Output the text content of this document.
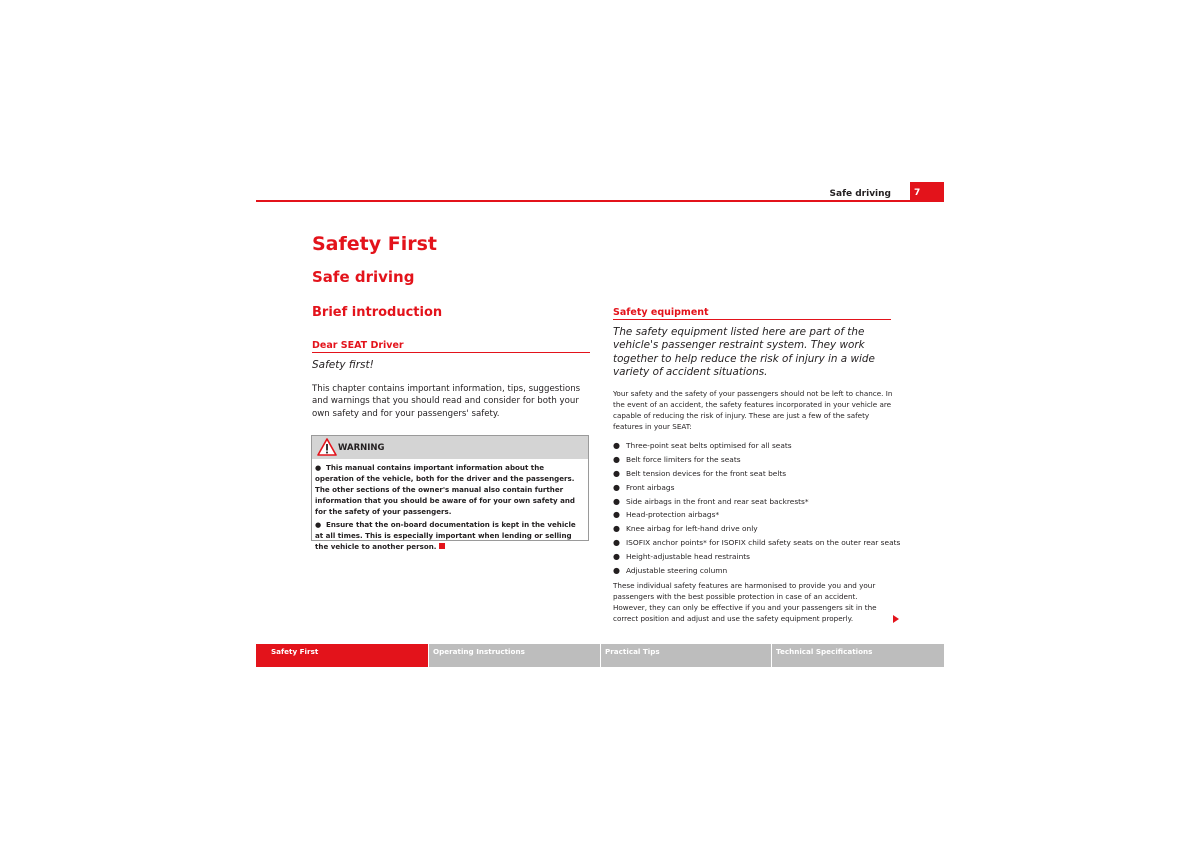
Safe driving	7
Safety First
Safe driving
Brief introduction
Dear SEAT Driver
Safety first!
This chapter contains important information, tips, suggestions and warnings that you should read and consider for both your own safety and for your passengers' safety.
WARNING
● This manual contains important information about the operation of the vehicle, both for the driver and the passengers. The other sections of the owner's manual also contain further information that you should be aware of for your own safety and for the safety of your passengers.
● Ensure that the on-board documentation is kept in the vehicle at all times. This is especially important when lending or selling the vehicle to another person.
Safety equipment
The safety equipment listed here are part of the vehicle's passenger restraint system. They work together to help reduce the risk of injury in a wide variety of accident situations.
Your safety and the safety of your passengers should not be left to chance. In the event of an accident, the safety features incorporated in your vehicle are capable of reducing the risk of injury. These are just a few of the safety features in your SEAT:
● Three-point seat belts optimised for all seats
● Belt force limiters for the seats
● Belt tension devices for the front seat belts
● Front airbags
● Side airbags in the front and rear seat backrests*
● Head-protection airbags*
● Knee airbag for left-hand drive only
● ISOFIX anchor points* for ISOFIX child safety seats on the outer rear seats
● Height-adjustable head restraints
● Adjustable steering column
These individual safety features are harmonised to provide you and your passengers with the best possible protection in case of an accident. However, they can only be effective if you and your passengers sit in the correct position and adjust and use the safety equipment properly.
Safety First	Operating Instructions	Practical Tips	Technical Specifications
